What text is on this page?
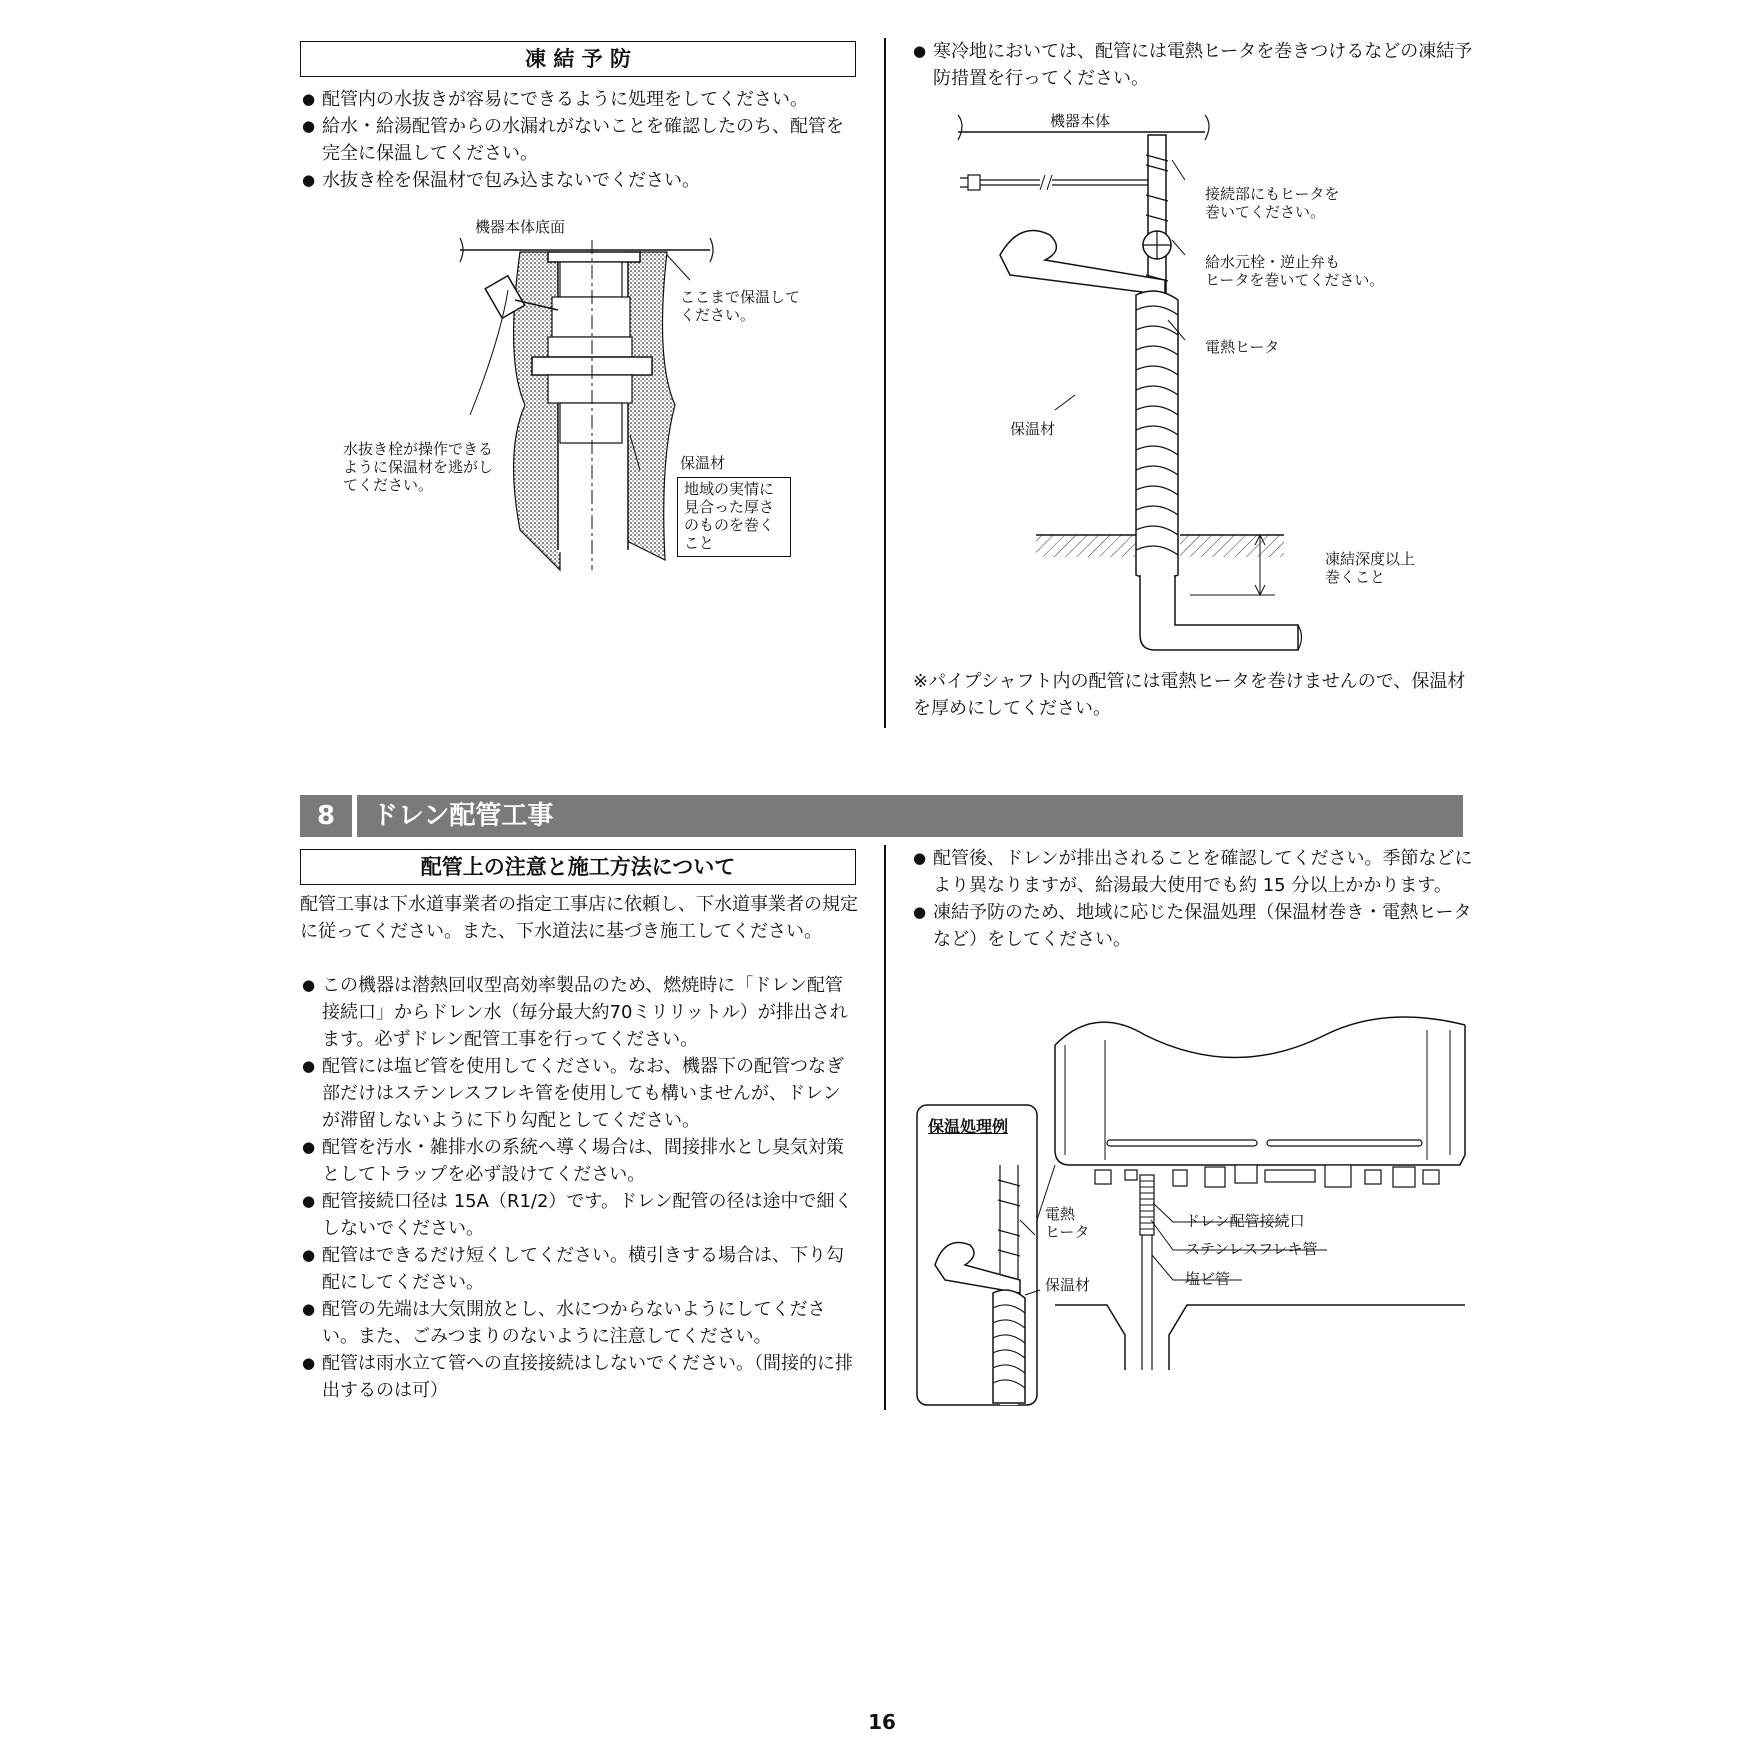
凍 結 予 防

● 配管内の水抜きが容易にできるように処理をしてください。

● 給水・給湯配管からの水漏れがないことを確認したのち、配管を完全に保温してください。

● 水抜き栓を保温材で包み込まないでください。

機器本体底面
ここまで保温して
ください。
水抜き栓が操作できる
ように保温材を逃がし
てください。
保温材
地域の実情に
見合った厚さ
のものを巻く
こと

● 寒冷地においては、配管には電熱ヒータを巻きつけるなどの凍結予防措置を行ってください。

機器本体
接続部にもヒータを
巻いてください。
給水元栓・逆止弁も
ヒータを巻いてください。
電熱ヒータ
保温材
凍結深度以上
巻くこと
※パイプシャフト内の配管には電熱ヒータを巻けませんので、保温材を厚めにしてください。
8	ドレン配管工事
配管上の注意と施工方法について
配管工事は下水道事業者の指定工事店に依頼し、下水道事業者の規定に従ってください。また、下水道法に基づき施工してください。

● この機器は潜熱回収型高効率製品のため、燃焼時に「ドレン配管接続口」からドレン水（毎分最大約70ミリリットル）が排出されます。必ずドレン配管工事を行ってください。

● 配管には塩ビ管を使用してください。なお、機器下の配管つなぎ部だけはステンレスフレキ管を使用しても構いませんが、ドレンが滞留しないように下り勾配としてください。

● 配管を汚水・雑排水の系統へ導く場合は、間接排水とし臭気対策としてトラップを必ず設けてください。

● 配管接続口径は 15A（R1/2）です。ドレン配管の径は途中で細くしないでください。

● 配管はできるだけ短くしてください。横引きする場合は、下り勾配にしてください。

● 配管の先端は大気開放とし、水につからないようにしてください。また、ごみつまりのないように注意してください。

● 配管は雨水立て管への直接接続はしないでください。（間接的に排出するのは可）

● 配管後、ドレンが排出されることを確認してください。季節などにより異なりますが、給湯最大使用でも約 15 分以上かかります。

● 凍結予防のため、地域に応じた保温処理（保温材巻き・電熱ヒータなど）をしてください。

保温処理例
電熱
ヒータ
保温材
ドレン配管接続口
ステンレスフレキ管
塩ビ管
16
